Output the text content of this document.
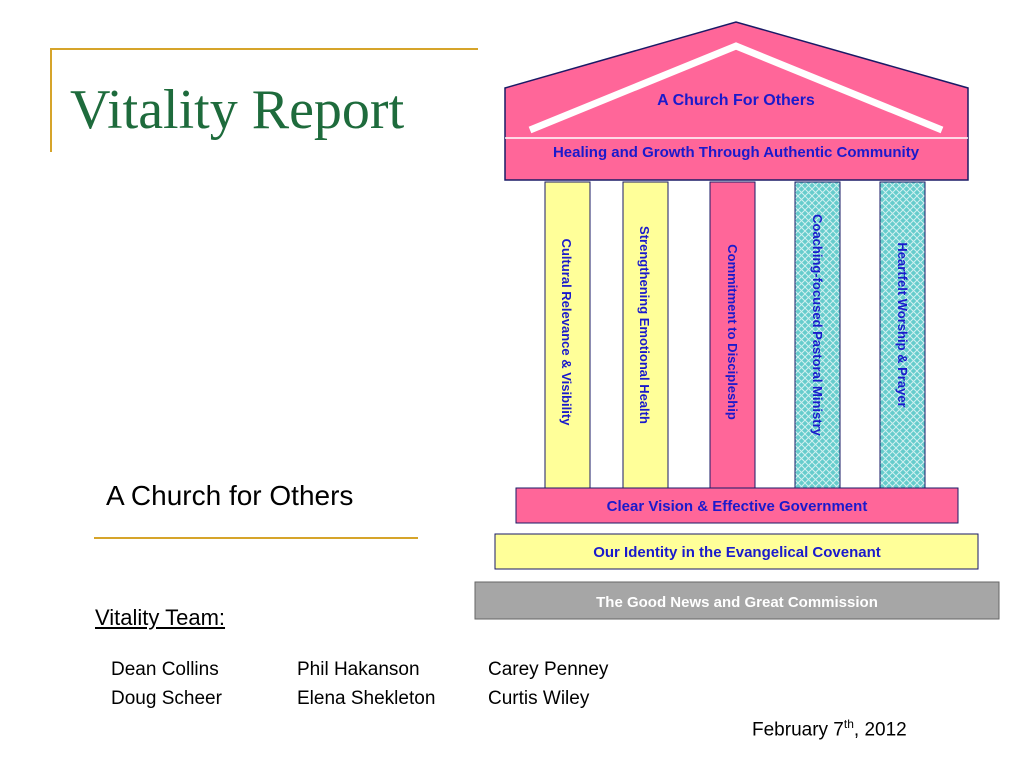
Vitality Report	A Church For Others
Healing and Growth Through Authentic Community
Cultural Relevance & Visibility	Strengthening Emotional Health	Commitment to Discipleship	Coaching-focused Pastoral Ministry	Heartfelt Worship & Prayer
Clear Vision & Effective Government
Our Identity in the Evangelical Covenant
The Good News and Great Commission
A Church for Others
Vitality Team:
Dean Collins	Phil Hakanson	Carey Penney
Doug Scheer	Elena Shekleton	Curtis Wiley
February 7th, 2012
